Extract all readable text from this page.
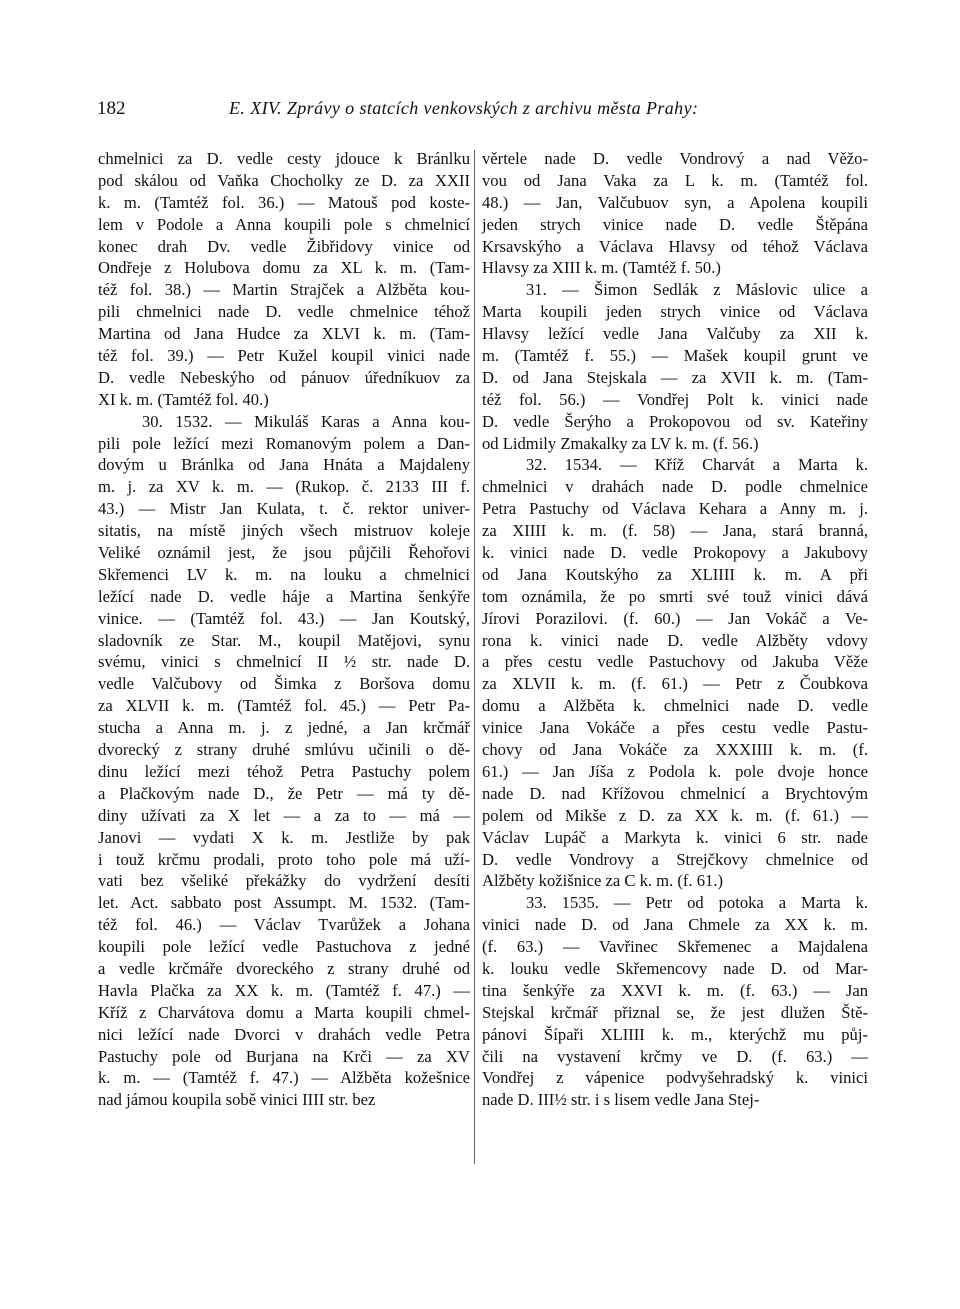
182	E. XIV. Zprávy o statcích venkovských z archivu města Prahy:
chmelnici za D. vedle cesty jdouce k Bránlku
pod skálou od Vaňka Chocholky ze D. za XXII
k. m. (Tamtéž fol. 36.) — Matouš pod koste-
lem v Podole a Anna koupili pole s chmelnicí
konec drah Dv. vedle Žibřidovy vinice od
Ondřeje z Holubova domu za XL k. m. (Tam-
též fol. 38.) — Martin Strajček a Alžběta kou-
pili chmelnici nade D. vedle chmelnice téhož
Martina od Jana Hudce za XLVI k. m. (Tam-
též fol. 39.) — Petr Kužel koupil vinici nade
D. vedle Nebeskýho od pánuov úředníkuov za
XI k. m. (Tamtéž fol. 40.)
30. 1532. — Mikuláš Karas a Anna kou-
pili pole ležící mezi Romanovým polem a Dan-
dovým u Bránlka od Jana Hnáta a Majdaleny
m. j. za XV k. m. — (Rukop. č. 2133 III f.
43.) — Mistr Jan Kulata, t. č. rektor univer-
sitatis, na místě jiných všech mistruov koleje
Veliké oznámil jest, že jsou půjčili Řehořovi
Skřemenci LV k. m. na louku a chmelnici
ležící nade D. vedle háje a Martina šenkýře
vinice. — (Tamtéž fol. 43.) — Jan Koutský,
sladovník ze Star. M., koupil Matějovi, synu
svému, vinici s chmelnicí II ½ str. nade D.
vedle Valčubovy od Šimka z Boršova domu
za XLVII k. m. (Tamtéž fol. 45.) — Petr Pa-
stucha a Anna m. j. z jedné, a Jan krčmář
dvorecký z strany druhé smlúvu učinili o dě-
dinu ležící mezi téhož Petra Pastuchy polem
a Plačkovým nade D., že Petr — má ty dě-
diny užívati za X let — a za to — má —
Janovi — vydati X k. m. Jestliže by pak
i touž krčmu prodali, proto toho pole má uží-
vati bez všeliké překážky do vydržení desíti
let. Act. sabbato post Assumpt. M. 1532. (Tam-
též fol. 46.) — Václav Tvarůžek a Johana
koupili pole ležící vedle Pastuchova z jedné
a vedle krčmáře dvoreckého z strany druhé od
Havla Plačka za XX k. m. (Tamtéž f. 47.) —
Kříž z Charvátova domu a Marta koupili chmel-
nici ležící nade Dvorci v drahách vedle Petra
Pastuchy pole od Burjana na Krči — za XV
k. m. — (Tamtéž f. 47.) — Alžběta kožešnice
nad jámou koupila sobě vinici IIII str. bez
věrtele nade D. vedle Vondrový a nad Věžo-
vou od Jana Vaka za L k. m. (Tamtéž fol.
48.) — Jan, Valčubuov syn, a Apolena koupili
jeden strych vinice nade D. vedle Štěpána
Krsavskýho a Václava Hlavsy od téhož Václava
Hlavsy za XIII k. m. (Tamtéž f. 50.)
31. — Šimon Sedlák z Máslovic ulice a
Marta koupili jeden strych vinice od Václava
Hlavsy ležící vedle Jana Valčuby za XII k.
m. (Tamtéž f. 55.) — Mašek koupil grunt ve
D. od Jana Stejskala — za XVII k. m. (Tam-
též fol. 56.) — Vondřej Polt k. vinici nade
D. vedle Šerýho a Prokopovou od sv. Kateřiny
od Lidmily Zmakalky za LV k. m. (f. 56.)
32. 1534. — Kříž Charvát a Marta k.
chmelnici v drahách nade D. podle chmelnice
Petra Pastuchy od Václava Kehara a Anny m. j.
za XIIII k. m. (f. 58) — Jana, stará branná,
k. vinici nade D. vedle Prokopovy a Jakubovy
od Jana Koutskýho za XLIIII k. m. A při
tom oznámila, že po smrti své touž vinici dává
Jírovi Porazilovi. (f. 60.) — Jan Vokáč a Ve-
rona k. vinici nade D. vedle Alžběty vdovy
a přes cestu vedle Pastuchovy od Jakuba Věže
za XLVII k. m. (f. 61.) — Petr z Čoubkova
domu a Alžběta k. chmelnici nade D. vedle
vinice Jana Vokáče a přes cestu vedle Pastu-
chovy od Jana Vokáče za XXXIIII k. m. (f.
61.) — Jan Jíša z Podola k. pole dvoje honce
nade D. nad Křížovou chmelnicí a Brychtovým
polem od Mikše z D. za XX k. m. (f. 61.) —
Václav Lupáč a Markyta k. vinici 6 str. nade
D. vedle Vondrovy a Strejčkovy chmelnice od
Alžběty kožišnice za C k. m. (f. 61.)
33. 1535. — Petr od potoka a Marta k.
vinici nade D. od Jana Chmele za XX k. m.
(f. 63.) — Vavřinec Skřemenec a Majdalena
k. louku vedle Skřemencovy nade D. od Mar-
tina šenkýře za XXVI k. m. (f. 63.) — Jan
Stejskal krčmář přiznal se, že jest dlužen Ště-
pánovi Šípaři XLIIII k. m., kterýchž mu půj-
čili na vystavení krčmy ve D. (f. 63.) —
Vondřej z vápenice podvyšehradský k. vinici
nade D. III½ str. i s lisem vedle Jana Stej-
